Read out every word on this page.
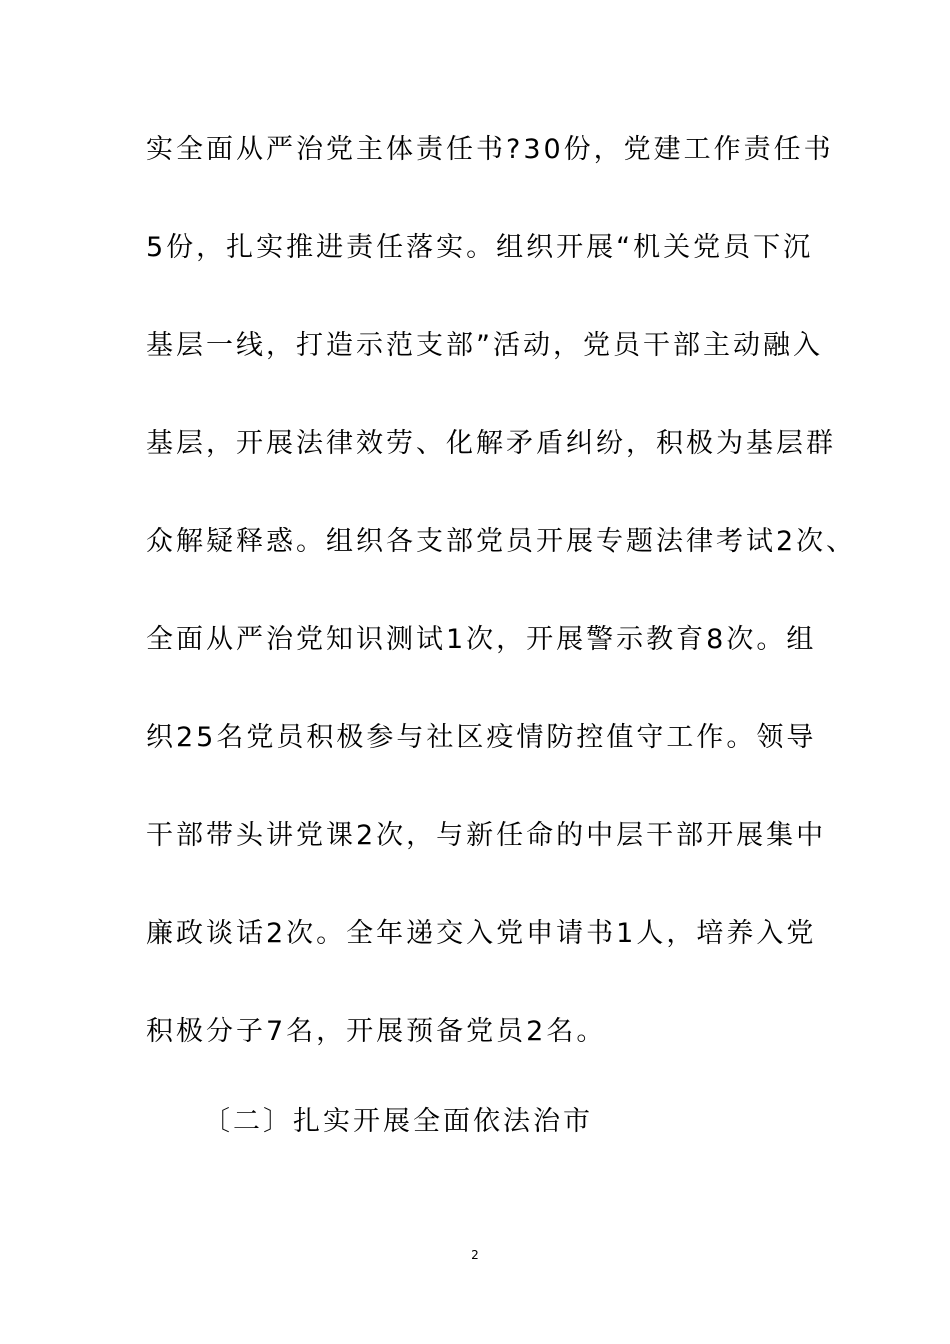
实全面从严治党主体责任书?30份，党建工作责任书
5份，扎实推进责任落实。组织开展“机关党员下沉
基层一线，打造示范支部”活动，党员干部主动融入
基层，开展法律效劳、化解矛盾纠纷，积极为基层群
众解疑释惑。组织各支部党员开展专题法律考试2次、
全面从严治党知识测试1次，开展警示教育8次。组
织25名党员积极参与社区疫情防控值守工作。领导
干部带头讲党课2次，与新任命的中层干部开展集中
廉政谈话2次。全年递交入党申请书1人，培养入党
积极分子7名，开展预备党员2名。
〔二〕扎实开展全面依法治市
2
